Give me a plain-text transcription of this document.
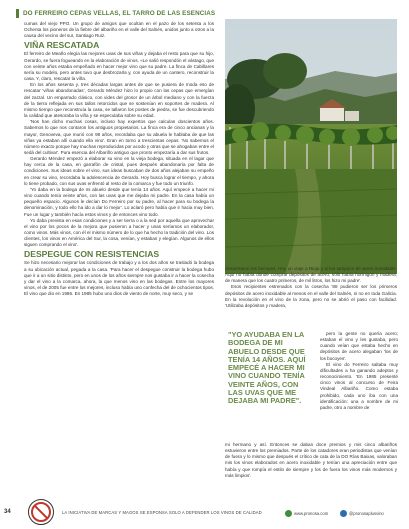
DO FERREIRO CEPAS VELLAS, EL TARRO DE LAS ESENCIAS

cumas del viejo PPO. Un grupo de amigos que ocultan en el pazo de los setenta a los Ochenta los pioneros de la fiebre del albariño en el valle del Salnés, unidos junto a otros a la causa del vecino del sur, Santiago Ruiz.

VIÑA RESCATADA

El ferreiro de Meaño elegía las mejores uvas de sus viñas y dejaba el resto para que su hijo, Gerardo, se fuera fogueando en la elaboración de vinos. «Le salió respondón el vástago, que con veinte años estaba empeñado en hacer mejor vino que su padre. La finca de Cabillares sería su modelo, pero antes tuvo que desbrozarla y, con ayuda de un cantero, reconstruir la casa. Y, claro, rescatar la viña.

En los años sesenta y, tres décadas largas antes de que se pusiera de moda eso de rescatar 'viñas abandonadas', Gerardo Méndez hizo lo propio con las cepas que emergían del zarzal. Un emparrado clásico, con vides del grosor de un árbol mediano y con la fuerza de la tierra reflejada en sus tallos retorcidos que se sostenían en soportes de madera. Al mismo tiempo que reconstruía la casa, se tallaron los postes de piedra, se fue descubriendo la calidad que atesoraba la viña y se especulaba sobre su edad.

'Nos han dicho muchas cosas, incluso hay expertos que calculan doscientos años. Sabemos lo que nos contaron los antiguos propietarios. La finca era de cinco ancianas y la mayor, Genoveva, que murió con 98 años, recordaba que su abuela le hablaba de que las viñas ya estaban allí cuando ella vino'. Eran en torno a trescientas cepas. 'No sabemos el número exacto porque hay muchas reproducidas por acodo y otras que se ahogaban entre el sedá del cultivar'. Pura esencia del Albariño antiguo que pronto empezaría a dar sus frutos.

Gerardo Méndez empezó a elaborar su vino en la vieja bodega, situada en el lagar que hay cerca de la casa, en garrafón de cristal, pues después abandonaría por falta de condiciones. Sus ideas sobre el vino, sus ideas buscaban de dos años alejaban su empeño en crear su vino, recordaba la adolescencia de Gerardo. Hoy busca lograr el tiempo, y ahora lo tiene probado, con sus uvas enfrentó al resto de la comarca y fue todo un triunfo.

'Yo daba en la bodega de mi abuelo desde que tenía 14 años. Aquí empecé a hacer mi vino cuando tenía veinte años, con las uvas que me dejaba mi padre. En la casa había un pequeño espacio. Algunos le decían Do Ferreiro por su padre, al hacer para su bodega la denominación, y todo ello ha ido a dar lo mejor'. Lo aclaró pero había que ir hacia muy bien. Fue un lugar y también hacía estos vinos y de entonces vino todo.

Yo daba prevista en esas condiciones y a ser tierra o a la sed por aquella que aprovechar el vino por los pocos de la mejora que pusieron a hacer y unas seríamos un elaborador, como vinos. Más vinos, con él el mismo número de lo que ha hecho la tradición del vino. Los clientes, los vinos en América del Sur, la cosa, venían, y estaban y elegían. Algunos de ellos siguen comprando el vino'.

DESPEGUE CON RESISTENCIAS

Se hizo necesario mejorar las condiciones de trabajo y a los dos años se trasladó la bodega a su ubicación actual, pegada a la casa. 'Para hacer el despegue construir la bodega hubo que ir a un sitio distinto, pero en unos de los años siempre nos gustaba ir a hacer la cosecha y dar el vino a la comarca, ahora, la que menos vino en las bodegas. Entre los mayores vinos, el de 2005 fue entre los mejores, incluso había uno confecha del de ochocientos tipos. El vino que dio en 1986. En 1985 hubo uno dios de viento de norte, muy seco, y se

desarmaron los bocoyes. Hoy un viaje a Rioja y si los tampoco de acero inoxidable. Aquí no había dónde comprar depósitos de acero, sólo había hormigón y madera, de manera que los cuatro primeros, de mil litros, los hizo mi padre'.

Esos recipientes estrenados con la cosecha '88 pudieron ser los primeros depósitos de acero inoxidable al menos en el valle del Salnés, si no en toda Galicia. En la revolución en el vino de la zona, pero no se abrió el paso con facilidad. 'Utilizaba depósitos y madera,

"YO AYUDABA EN LA BODEGA DE MI ABUELO DESDE QUE TENÍA 14 AÑOS. AQUÍ EMPECÉ A HACER MI VINO CUANDO TENÍA VEINTE AÑOS, CON LAS UVAS QUE ME DEJABA MI PADRE".

pero la gente no quería acero; estaban el vino y les gustaba, pero cuando veían que estaba hecho en depósitos de acero alegaban 'los de los bocoyes'.

El vino do Ferreiro saltaba muy dificultades a ha ganando adeptos y reconocimiento. 'En 1985 presenté cinco vinos al concurso de Feira Vindeal Albariño. Como estaba prohibido, cada uno iba con una identificación: una a nombre de mi padre, otro a nombre de

mi hermano y así. Entonces se daban doce premios y mis cinco albariños estuvieron entre los premiados. Parte de los catadores eran periodistas que venían de fuera y lo mismo que después el crítico de cata de la DO Rías Baixas, valoraban mis los vinos elaborados en acero inoxidable y tenían una apreciación entre que había y que rompía el estilo de siempre y los de fuera los vinos más modernos y más limpios'.

34	LA INICIATIVA DE MARCAS Y MAGOS SE ESPONSA SOLO A DEFENDER LOS VINOS DE CALIDAD	www.pronosa.com	@pronosaplusvino
